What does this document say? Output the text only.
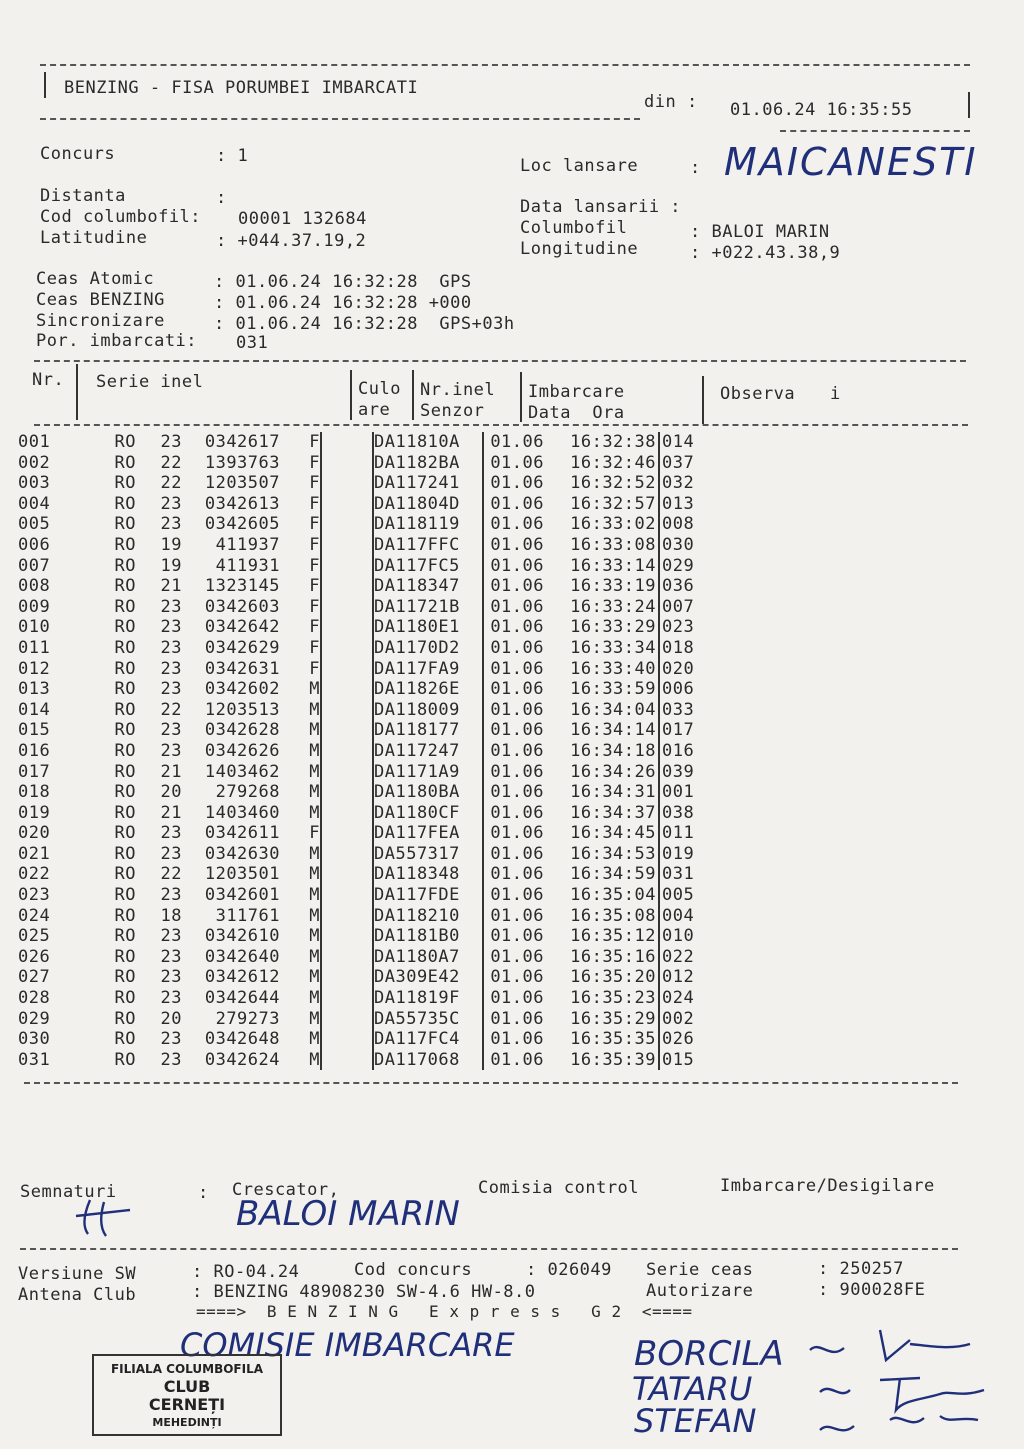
BENZING - FISA PORUMBEI IMBARCATI
din : 01.06.24 16:35:55
Concurs	: 1	Loc lansare	: MAICANESTI
Distanta	:
Cod columbofil: 00001 132684
Latitudine	: +044.37.19,2
Data lansarii :
Columbofil	: BALOI MARIN
Longitudine	: +022.43.38,9
Ceas Atomic	: 01.06.24 16:32:28  GPS
Ceas BENZING	: 01.06.24 16:32:28 +000
Sincronizare	: 01.06.24 16:32:28  GPS+03h
Por. imbarcati: 031
Nr. Serie inel	Culo
are
Nr.inel
Senzor
Imbarcare
Data  Ora
Observa i
001	RO	23	0342617	F		DA11810A	01.06	16:32:38	014
002	RO	22	1393763	F		DA1182BA	01.06	16:32:46	037
003	RO	22	1203507	F		DA117241	01.06	16:32:52	032
004	RO	23	0342613	F		DA11804D	01.06	16:32:57	013
005	RO	23	0342605	F		DA118119	01.06	16:33:02	008
006	RO	19	411937	F		DA117FFC	01.06	16:33:08	030
007	RO	19	411931	F		DA117FC5	01.06	16:33:14	029
008	RO	21	1323145	F		DA118347	01.06	16:33:19	036
009	RO	23	0342603	F		DA11721B	01.06	16:33:24	007
010	RO	23	0342642	F		DA1180E1	01.06	16:33:29	023
011	RO	23	0342629	F		DA1170D2	01.06	16:33:34	018
012	RO	23	0342631	F		DA117FA9	01.06	16:33:40	020
013	RO	23	0342602	M		DA11826E	01.06	16:33:59	006
014	RO	22	1203513	M		DA118009	01.06	16:34:04	033
015	RO	23	0342628	M		DA118177	01.06	16:34:14	017
016	RO	23	0342626	M		DA117247	01.06	16:34:18	016
017	RO	21	1403462	M		DA1171A9	01.06	16:34:26	039
018	RO	20	279268	M		DA1180BA	01.06	16:34:31	001
019	RO	21	1403460	M		DA1180CF	01.06	16:34:37	038
020	RO	23	0342611	F		DA117FEA	01.06	16:34:45	011
021	RO	23	0342630	M		DA557317	01.06	16:34:53	019
022	RO	22	1203501	M		DA118348	01.06	16:34:59	031
023	RO	23	0342601	M		DA117FDE	01.06	16:35:04	005
024	RO	18	311761	M		DA118210	01.06	16:35:08	004
025	RO	23	0342610	M		DA1181B0	01.06	16:35:12	010
026	RO	23	0342640	M		DA1180A7	01.06	16:35:16	022
027	RO	23	0342612	M		DA309E42	01.06	16:35:20	012
028	RO	23	0342644	M		DA11819F	01.06	16:35:23	024
029	RO	20	279273	M		DA55735C	01.06	16:35:29	002
030	RO	23	0342648	M		DA117FC4	01.06	16:35:35	026
031	RO	23	0342624	M		DA117068	01.06	16:35:39	015
Semnaturi	: Crescator,	Comisia control	Imbarcare/Desigilare
BALOI MARIN
Versiune SW	: RO-04.24	Cod concurs	: 026049 Serie ceas	: 250257
Antena Club	: BENZING 48908230 SW-4.6 HW-8.0	Autorizare	: 900028FE
====>  B E N Z I N G   E x p r e s s   G 2  <====
COMISIE IMBARCARE	BORCILA
TATARU
STEFAN
FILIALA COLUMBOFILA
CLUB
CERNEȚI
MEHEDINȚI
